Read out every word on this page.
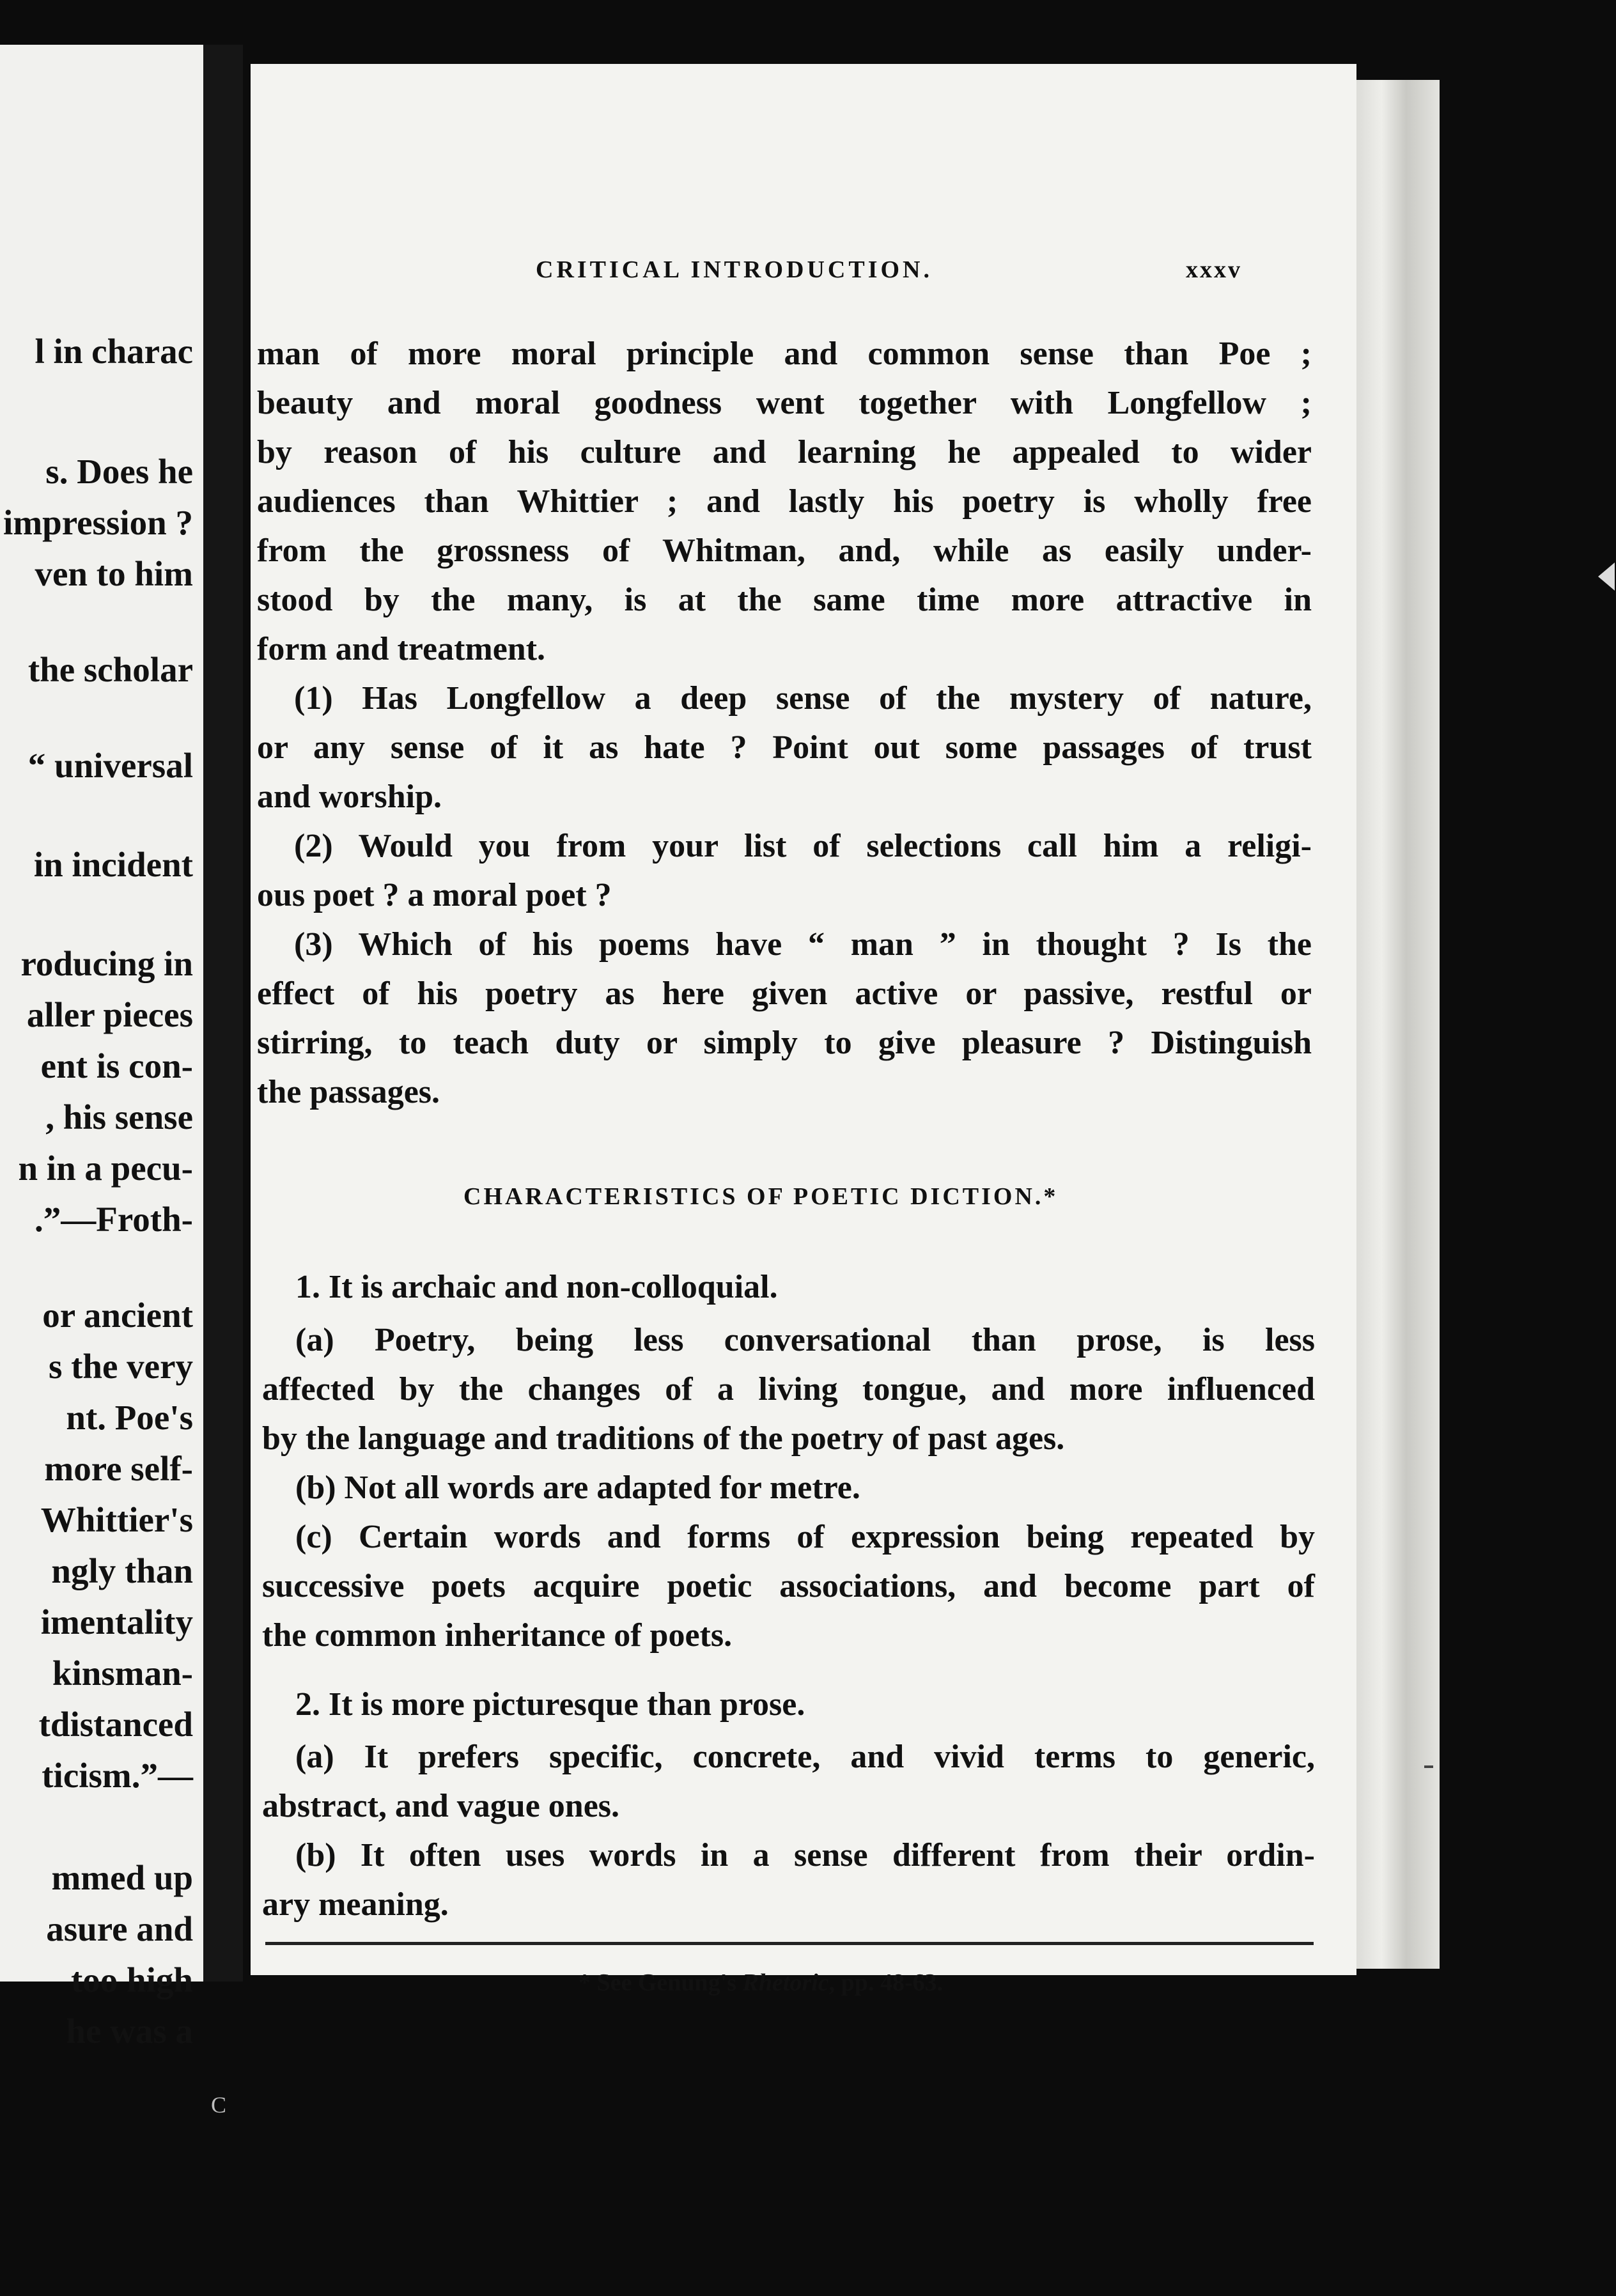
l in charac
s. Does he
impression ?
ven to him
the scholar
“ universal
in incident
roducing in
aller pieces
ent is con-
, his sense
n in a pecu-
.”—Froth-
or ancient
s the very
nt. Poe's
more self-
Whittier's
ngly than
imentality
kinsman-
tdistanced
ticism.”—
mmed up
asure and
too high
he was a
CRITICAL INTRODUCTION.	xxxv
man of more moral principle and common sense than Poe ;
beauty and moral goodness went together with Longfellow ;
by reason of his culture and learning he appealed to wider
audiences than Whittier ; and lastly his poetry is wholly free
from the grossness of Whitman, and, while as easily under-
stood by the many, is at the same time more attractive in
form and treatment.
(1) Has Longfellow a deep sense of the mystery of nature,
or any sense of it as hate ? Point out some passages of trust
and worship.
(2) Would you from your list of selections call him a religi-
ous poet ? a moral poet ?
(3) Which of his poems have “ man ” in thought ? Is the
effect of his poetry as here given active or passive, restful or
stirring, to teach duty or simply to give pleasure ? Distinguish
the passages.
CHARACTERISTICS OF POETIC DICTION.*
1. It is archaic and non-colloquial.
(a) Poetry, being less conversational than prose, is less
affected by the changes of a living tongue, and more influenced
by the language and traditions of the poetry of past ages.
(b) Not all words are adapted for metre.
(c) Certain words and forms of expression being repeated by
successive poets acquire poetic associations, and become part of
the common inheritance of poets.
2. It is more picturesque than prose.
(a) It prefers specific, concrete, and vivid terms to generic,
abstract, and vague ones.
(b) It often uses words in a sense different from their ordin-
ary meaning.
* See Genung's Rhetoric, pp. 48-63.
C
